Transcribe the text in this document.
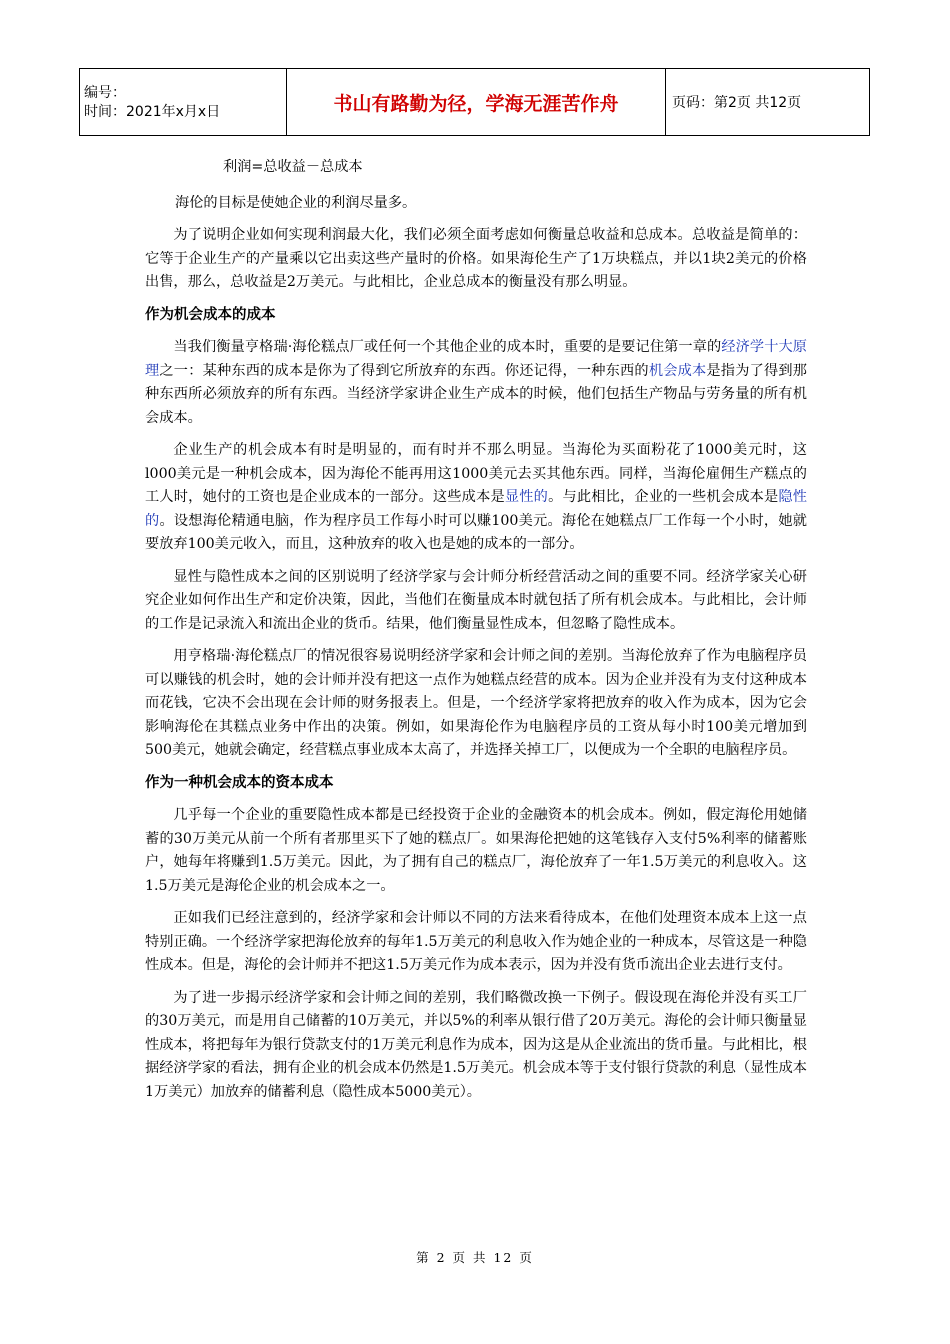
编号：
时间：2021年x月x日	书山有路勤为径，学海无涯苦作舟	页码：第2页 共12页

利润=总收益－总成本

海伦的目标是使她企业的利润尽量多。

为了说明企业如何实现利润最大化，我们必须全面考虑如何衡量总收益和总成本。总收益是简单的：它等于企业生产的产量乘以它出卖这些产量时的价格。如果海伦生产了1万块糕点，并以1块2美元的价格出售，那么，总收益是2万美元。与此相比，企业总成本的衡量没有那么明显。

作为机会成本的成本

当我们衡量亨格瑞·海伦糕点厂或任何一个其他企业的成本时，重要的是要记住第一章的经济学十大原理之一：某种东西的成本是你为了得到它所放弃的东西。你还记得，一种东西的机会成本是指为了得到那种东西所必须放弃的所有东西。当经济学家讲企业生产成本的时候，他们包括生产物品与劳务量的所有机会成本。

企业生产的机会成本有时是明显的，而有时并不那么明显。当海伦为买面粉花了1000美元时，这l000美元是一种机会成本，因为海伦不能再用这1000美元去买其他东西。同样，当海伦雇佣生产糕点的工人时，她付的工资也是企业成本的一部分。这些成本是显性的。与此相比，企业的一些机会成本是隐性的。设想海伦精通电脑，作为程序员工作每小时可以赚100美元。海伦在她糕点厂工作每一个小时，她就要放弃100美元收入，而且，这种放弃的收入也是她的成本的一部分。

显性与隐性成本之间的区别说明了经济学家与会计师分析经营活动之间的重要不同。经济学家关心研究企业如何作出生产和定价决策，因此，当他们在衡量成本时就包括了所有机会成本。与此相比，会计师的工作是记录流入和流出企业的货币。结果，他们衡量显性成本，但忽略了隐性成本。

用亨格瑞·海伦糕点厂的情况很容易说明经济学家和会计师之间的差别。当海伦放弃了作为电脑程序员可以赚钱的机会时，她的会计师并没有把这一点作为她糕点经营的成本。因为企业并没有为支付这种成本而花钱，它决不会出现在会计师的财务报表上。但是，一个经济学家将把放弃的收入作为成本，因为它会影响海伦在其糕点业务中作出的决策。例如，如果海伦作为电脑程序员的工资从每小时100美元增加到500美元，她就会确定，经营糕点事业成本太高了，并选择关掉工厂，以便成为一个全职的电脑程序员。

作为一种机会成本的资本成本

几乎每一个企业的重要隐性成本都是已经投资于企业的金融资本的机会成本。例如，假定海伦用她储蓄的30万美元从前一个所有者那里买下了她的糕点厂。如果海伦把她的这笔钱存入支付5%利率的储蓄账户，她每年将赚到1.5万美元。因此，为了拥有自己的糕点厂，海伦放弃了一年1.5万美元的利息收入。这1.5万美元是海伦企业的机会成本之一。

正如我们已经注意到的，经济学家和会计师以不同的方法来看待成本，在他们处理资本成本上这一点特别正确。一个经济学家把海伦放弃的每年1.5万美元的利息收入作为她企业的一种成本，尽管这是一种隐性成本。但是，海伦的会计师并不把这1.5万美元作为成本表示，因为并没有货币流出企业去进行支付。

为了进一步揭示经济学家和会计师之间的差别，我们略微改换一下例子。假设现在海伦并没有买工厂的30万美元，而是用自己储蓄的10万美元，并以5%的利率从银行借了20万美元。海伦的会计师只衡量显性成本，将把每年为银行贷款支付的1万美元利息作为成本，因为这是从企业流出的货币量。与此相比，根据经济学家的看法，拥有企业的机会成本仍然是1.5万美元。机会成本等于支付银行贷款的利息（显性成本1万美元）加放弃的储蓄利息（隐性成本5000美元）。

第 2 页 共 12 页
